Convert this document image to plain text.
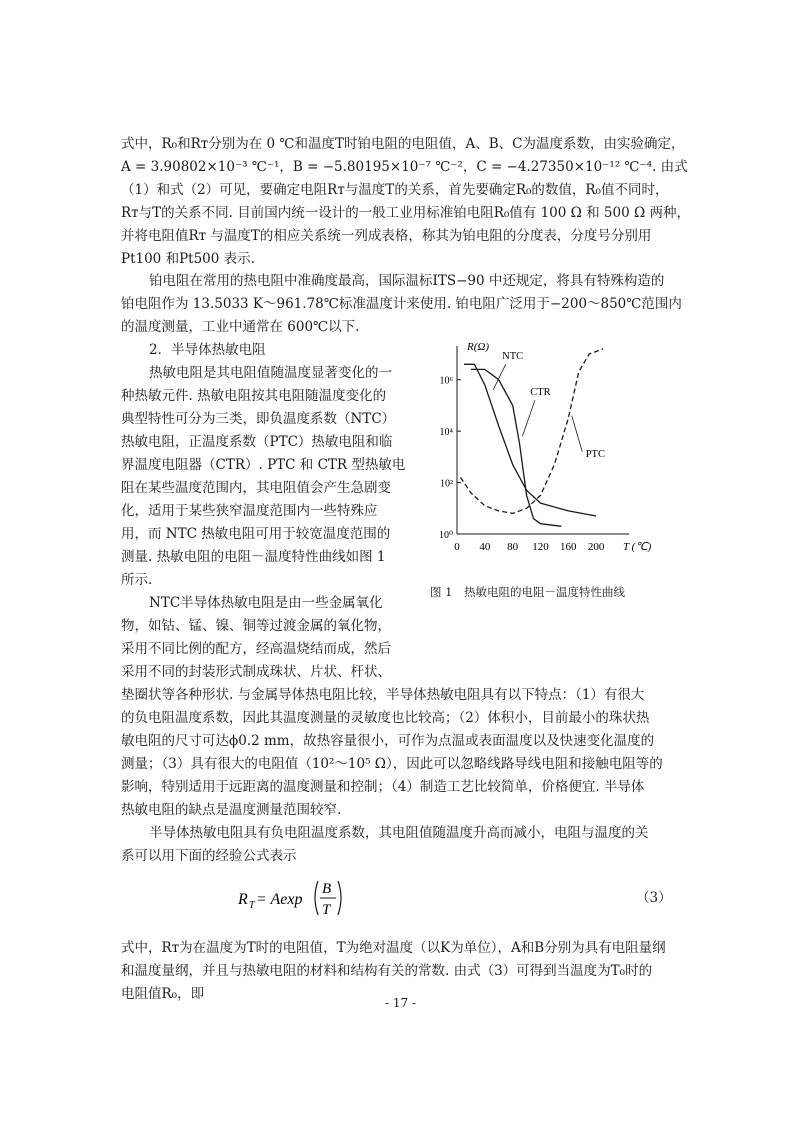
式中，R₀和Rᴛ分别为在 0 ℃和温度T时铂电阻的电阻值，A、B、C为温度系数，由实验确定，
A = 3.90802×10⁻³ ℃⁻¹，B = −5.80195×10⁻⁷ ℃⁻²，C = −4.27350×10⁻¹² ℃⁻⁴. 由式
（1）和式（2）可见，要确定电阻Rᴛ与温度T的关系，首先要确定R₀的数值，R₀值不同时，
Rᴛ与T的关系不同. 目前国内统一设计的一般工业用标准铂电阻R₀值有 100 Ω 和 500 Ω 两种，
并将电阻值Rᴛ 与温度T的相应关系统一列成表格，称其为铂电阻的分度表，分度号分别用
Pt100 和Pt500 表示.
铂电阻在常用的热电阻中准确度最高，国际温标ITS−90 中还规定，将具有特殊构造的
铂电阻作为 13.5033 K～961.78℃标准温度计来使用. 铂电阻广泛用于−200～850℃范围内
的温度测量，工业中通常在 600℃以下.
2．半导体热敏电阻
热敏电阻是其电阻值随温度显著变化的一
种热敏元件. 热敏电阻按其电阻随温度变化的
典型特性可分为三类，即负温度系数（NTC）
热敏电阻，正温度系数（PTC）热敏电阻和临
界温度电阻器（CTR）. PTC 和 CTR 型热敏电
阻在某些温度范围内，其电阻值会产生急剧变
化，适用于某些狭窄温度范围内一些特殊应
用，而 NTC 热敏电阻可用于较宽温度范围的
测量. 热敏电阻的电阻－温度特性曲线如图 1
所示.
NTC半导体热敏电阻是由一些金属氧化
物，如钴、锰、镍、铜等过渡金属的氧化物，
采用不同比例的配方，经高温烧结而成，然后
采用不同的封装形式制成珠状、片状、杆状、
垫圈状等各种形状. 与金属导体热电阻比较，半导体热敏电阻具有以下特点：（1）有很大
的负电阻温度系数，因此其温度测量的灵敏度也比较高；（2）体积小，目前最小的珠状热
敏电阻的尺寸可达ϕ0.2 mm，故热容量很小，可作为点温或表面温度以及快速变化温度的
测量；（3）具有很大的电阻值（10²～10⁵ Ω），因此可以忽略线路导线电阻和接触电阻等的
影响，特别适用于远距离的温度测量和控制；（4）制造工艺比较简单，价格便宜. 半导体
热敏电阻的缺点是温度测量范围较窄.
半导体热敏电阻具有负电阻温度系数，其电阻值随温度升高而减小，电阻与温度的关
系可以用下面的经验公式表示
R T = Aexp
B
T
（3）
式中，Rᴛ为在温度为T时的电阻值，T为绝对温度（以K为单位），A和B分别为具有电阻量纲
和温度量纲，并且与热敏电阻的材料和结构有关的常数. 由式（3）可得到当温度为T₀时的
电阻值R₀，即
R(Ω)
T (℃)
0 40 80 120 160 200
10⁰
10²
10⁴
10⁶
NTC
CTR
PTC
图 1　热敏电阻的电阻－温度特性曲线
- 17 -
